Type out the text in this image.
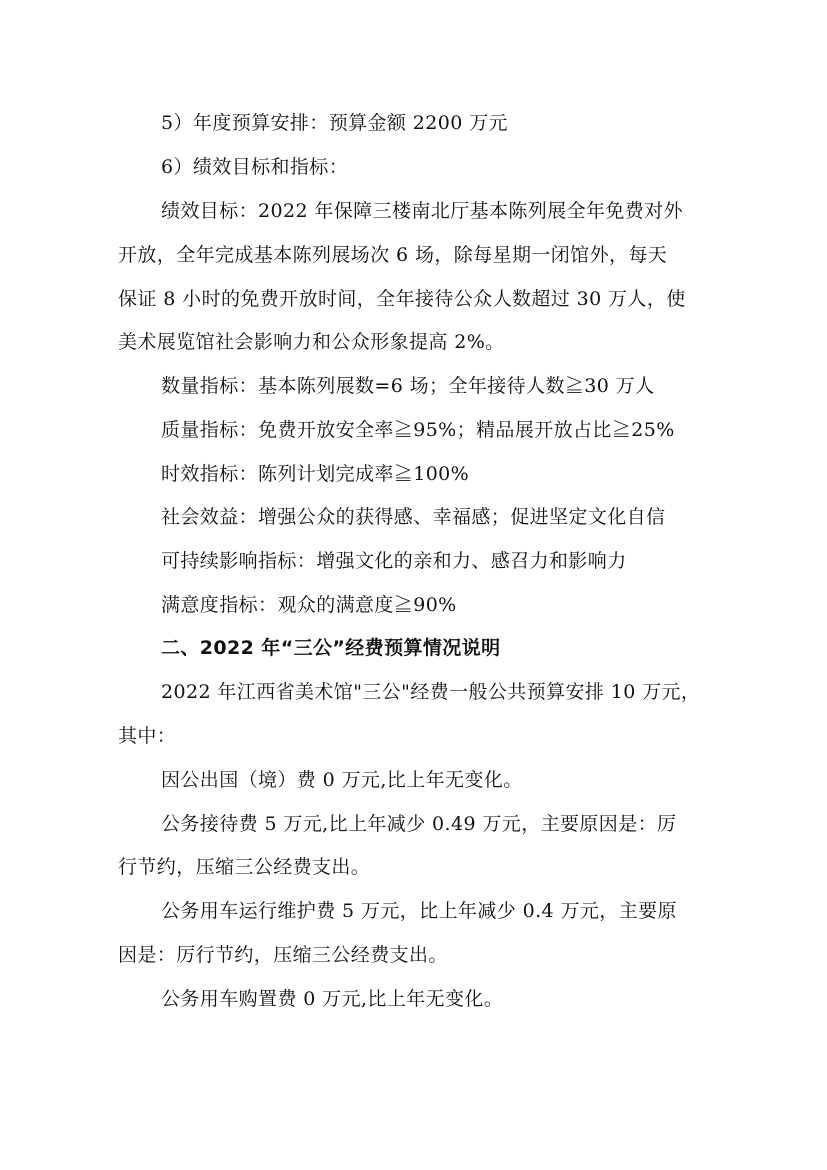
5）年度预算安排：预算金额 2200 万元
6）绩效目标和指标：
绩效目标：2022 年保障三楼南北厅基本陈列展全年免费对外
开放，全年完成基本陈列展场次 6 场，除每星期一闭馆外，每天
保证 8 小时的免费开放时间，全年接待公众人数超过 30 万人，使
美术展览馆社会影响力和公众形象提高 2%。
数量指标：基本陈列展数=6 场；全年接待人数≧30 万人
质量指标：免费开放安全率≧95%；精品展开放占比≧25%
时效指标：陈列计划完成率≧100%
社会效益：增强公众的获得感、幸福感；促进坚定文化自信
可持续影响指标：增强文化的亲和力、感召力和影响力
满意度指标：观众的满意度≧90%
二、2022 年“三公”经费预算情况说明
2022 年江西省美术馆"三公"经费一般公共预算安排 10 万元，
其中：
因公出国（境）费 0 万元,比上年无变化。
公务接待费 5 万元,比上年减少 0.49 万元，主要原因是：厉
行节约，压缩三公经费支出。
公务用车运行维护费 5 万元，比上年减少 0.4 万元，主要原
因是：厉行节约，压缩三公经费支出。
公务用车购置费 0 万元,比上年无变化。
